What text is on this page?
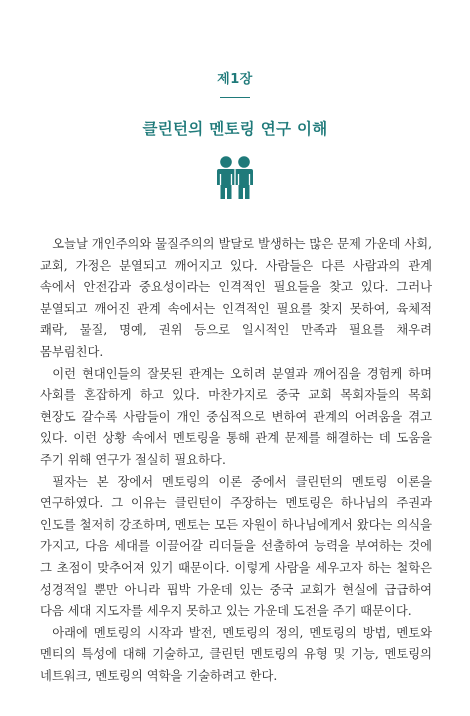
제1장
클린턴의 멘토링 연구 이해

오늘날 개인주의와 물질주의의 발달로 발생하는 많은 문제 가운데 사회, 교회, 가정은 분열되고 깨어지고 있다. 사람들은 다른 사람과의 관계 속에서 안전감과 중요성이라는 인격적인 필요들을 찾고 있다. 그러나 분열되고 깨어진 관계 속에서는 인격적인 필요를 찾지 못하여, 육체적 쾌락, 물질, 명예, 권위 등으로 일시적인 만족과 필요를 채우려 몸부림친다.

이런 현대인들의 잘못된 관계는 오히려 분열과 깨어짐을 경험케 하며 사회를 혼잡하게 하고 있다. 마찬가지로 중국 교회 목회자들의 목회 현장도 갈수록 사람들이 개인 중심적으로 변하여 관계의 어려움을 겪고 있다. 이런 상황 속에서 멘토링을 통해 관계 문제를 해결하는 데 도움을 주기 위해 연구가 절실히 필요하다.

필자는 본 장에서 멘토링의 이론 중에서 클린턴의 멘토링 이론을 연구하였다. 그 이유는 클린턴이 주장하는 멘토링은 하나님의 주권과 인도를 철저히 강조하며, 멘토는 모든 자원이 하나님에게서 왔다는 의식을 가지고, 다음 세대를 이끌어갈 리더들을 선출하여 능력을 부여하는 것에 그 초점이 맞추어져 있기 때문이다. 이렇게 사람을 세우고자 하는 철학은 성경적일 뿐만 아니라 핍박 가운데 있는 중국 교회가 현실에 급급하여 다음 세대 지도자를 세우지 못하고 있는 가운데 도전을 주기 때문이다.

아래에 멘토링의 시작과 발전, 멘토링의 정의, 멘토링의 방법, 멘토와 멘티의 특성에 대해 기술하고, 클린턴 멘토링의 유형 및 기능, 멘토링의 네트워크, 멘토링의 역학을 기술하려고 한다.
